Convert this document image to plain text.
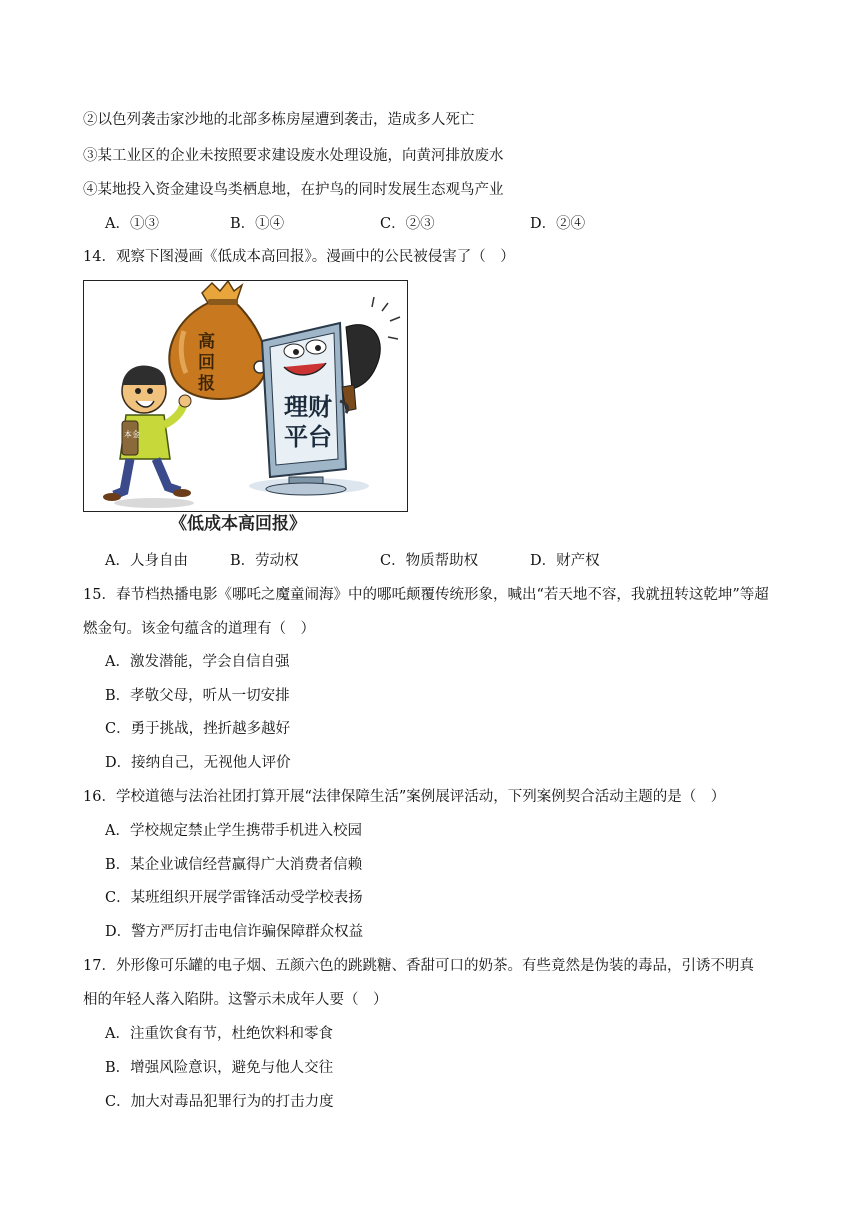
②以色列袭击家沙地的北部多栋房屋遭到袭击，造成多人死亡
③某工业区的企业未按照要求建设废水处理设施，向黄河排放废水
④某地投入资金建设鸟类栖息地，在护鸟的同时发展生态观鸟产业
A．①③	B．①④	C．②③	D．②④
14．观察下图漫画《低成本高回报》。漫画中的公民被侵害了（　）
高
回
报
本金
理财
平台
《低成本高回报》
A．人身自由	B．劳动权	C．物质帮助权	D．财产权
15．春节档热播电影《哪吒之魔童闹海》中的哪吒颠覆传统形象，喊出“若天地不容，我就扭转这乾坤”等超
燃金句。该金句蕴含的道理有（　）
A．激发潜能，学会自信自强
B．孝敬父母，听从一切安排
C．勇于挑战，挫折越多越好
D．接纳自己，无视他人评价
16．学校道德与法治社团打算开展“法律保障生活”案例展评活动，下列案例契合活动主题的是（　）
A．学校规定禁止学生携带手机进入校园
B．某企业诚信经营赢得广大消费者信赖
C．某班组织开展学雷锋活动受学校表扬
D．警方严厉打击电信诈骗保障群众权益
17．外形像可乐罐的电子烟、五颜六色的跳跳糖、香甜可口的奶茶。有些竟然是伪装的毒品，引诱不明真
相的年轻人落入陷阱。这警示未成年人要（　）
A．注重饮食有节，杜绝饮料和零食
B．增强风险意识，避免与他人交往
C．加大对毒品犯罪行为的打击力度
